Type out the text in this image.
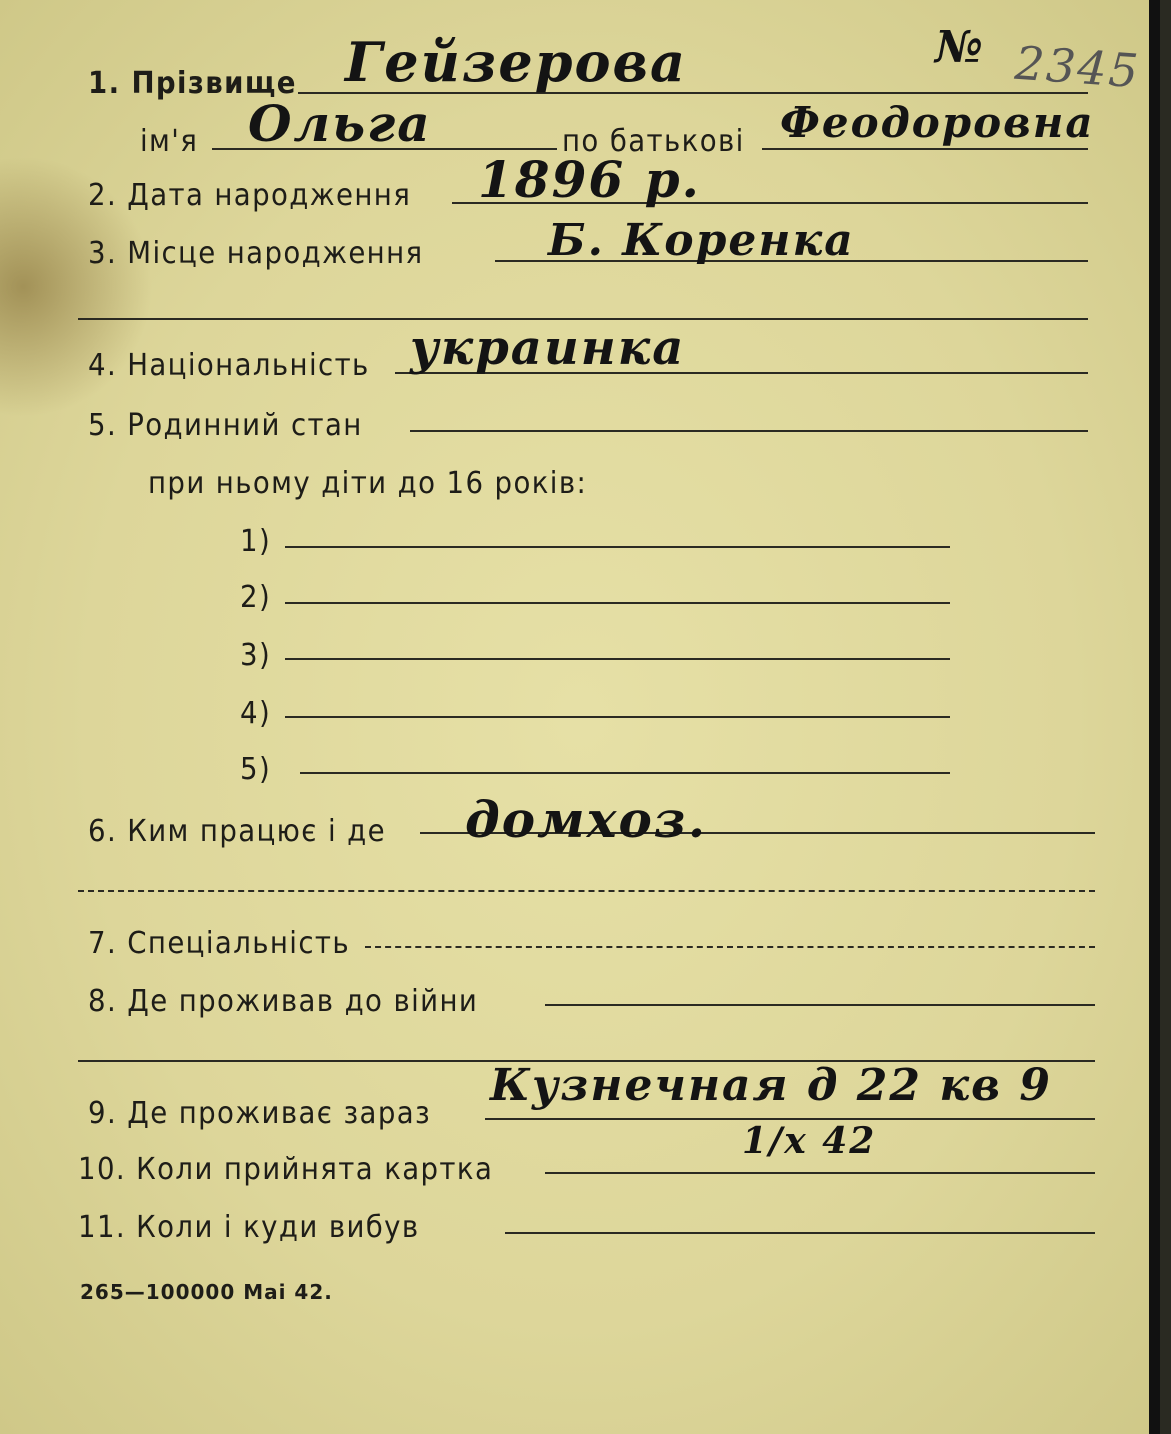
№ 2345
1. Прізвище Гейзерова
ім'я Ольга	по батькові Феодоровна
2. Дата народження 1896 р.
3. Місце народження	Б. Коренка
4. Національність украинка
5. Родинний стан
при ньому діти до 16 років:
1)
2)
3)
4)
5)
6. Ким працює і де домхоз.
7. Спеціальність
8. Де проживав до війни
9. Де проживає зараз
Кузнечная д 22 кв 9
10. Коли прийнята картка
1/x 42
11. Коли і куди вибув
265—100000 Mai 42.
